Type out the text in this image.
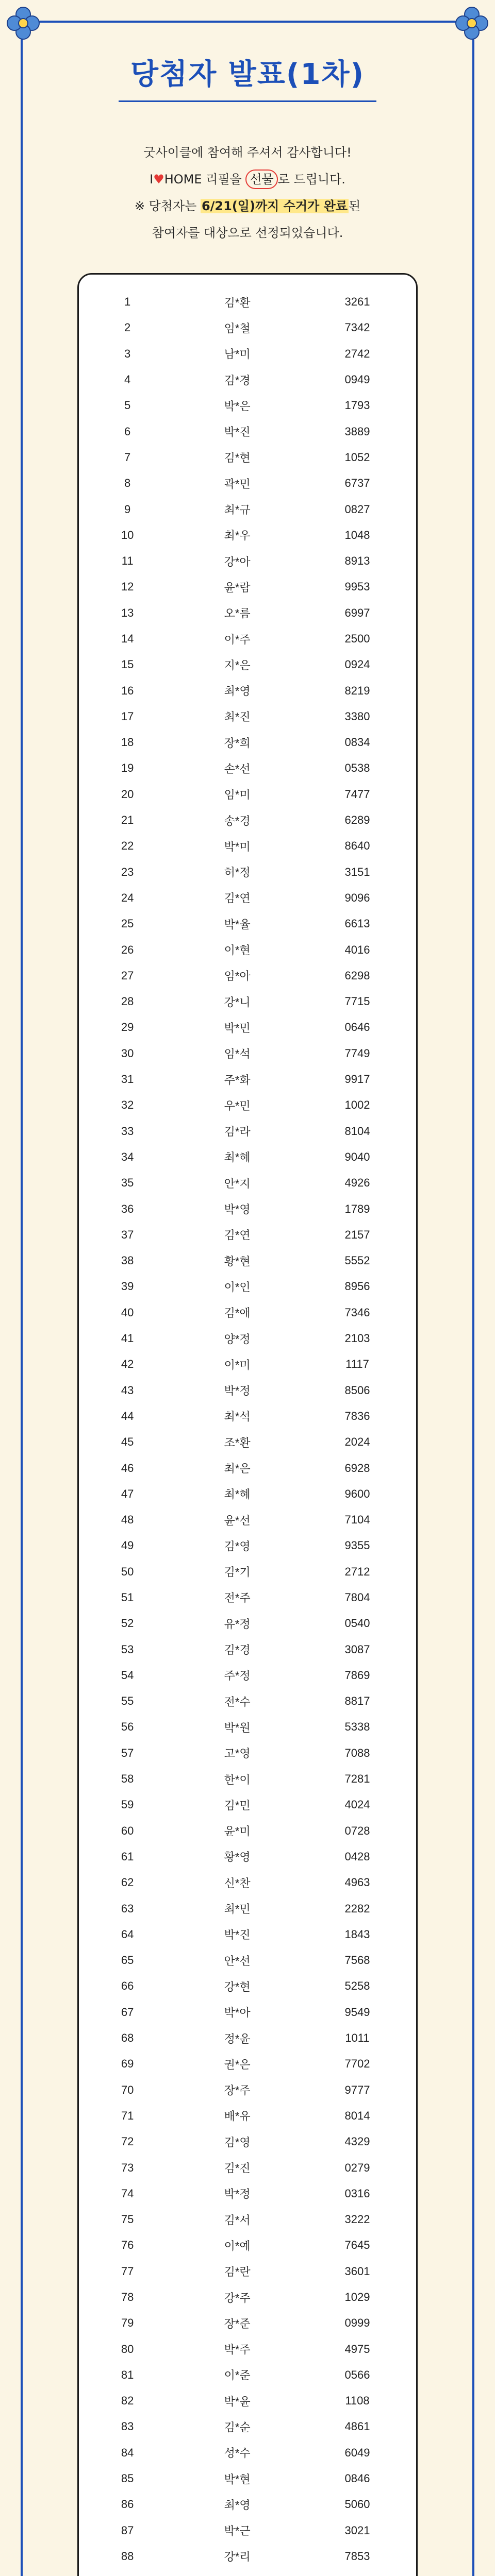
당첨자 발표(1차)
굿사이클에 참여해 주셔서 감사합니다!
I♥HOME 리필을 선물 로 드립니다.
※ 당첨자는 6/21(일)까지 수거가 완료된
참여자를 대상으로 선정되었습니다.
1	김*환	3261
2	임*철	7342
3	남*미	2742
4	김*경	0949
5	박*은	1793
6	박*진	3889
7	김*현	1052
8	곽*민	6737
9	최*규	0827
10	최*우	1048
11	강*아	8913
12	윤*람	9953
13	오*름	6997
14	이*주	2500
15	지*은	0924
16	최*영	8219
17	최*진	3380
18	장*희	0834
19	손*선	0538
20	임*미	7477
21	송*경	6289
22	박*미	8640
23	허*정	3151
24	김*연	9096
25	박*율	6613
26	이*현	4016
27	임*아	6298
28	강*니	7715
29	박*민	0646
30	임*석	7749
31	주*화	9917
32	우*민	1002
33	김*라	8104
34	최*혜	9040
35	안*지	4926
36	박*영	1789
37	김*연	2157
38	황*현	5552
39	이*인	8956
40	김*애	7346
41	양*정	2103
42	이*미	1117
43	박*정	8506
44	최*석	7836
45	조*환	2024
46	최*은	6928
47	최*혜	9600
48	윤*선	7104
49	김*영	9355
50	김*기	2712
51	전*주	7804
52	유*정	0540
53	김*경	3087
54	주*정	7869
55	전*수	8817
56	박*원	5338
57	고*영	7088
58	한*이	7281
59	김*민	4024
60	윤*미	0728
61	황*영	0428
62	신*찬	4963
63	최*민	2282
64	박*진	1843
65	안*선	7568
66	강*현	5258
67	박*아	9549
68	정*윤	1011
69	권*은	7702
70	장*주	9777
71	배*유	8014
72	김*영	4329
73	김*진	0279
74	박*정	0316
75	김*서	3222
76	이*예	7645
77	김*란	3601
78	강*주	1029
79	장*준	0999
80	박*주	4975
81	이*준	0566
82	박*윤	1108
83	김*순	4861
84	성*수	6049
85	박*현	0846
86	최*영	5060
87	박*근	3021
88	강*리	7853
